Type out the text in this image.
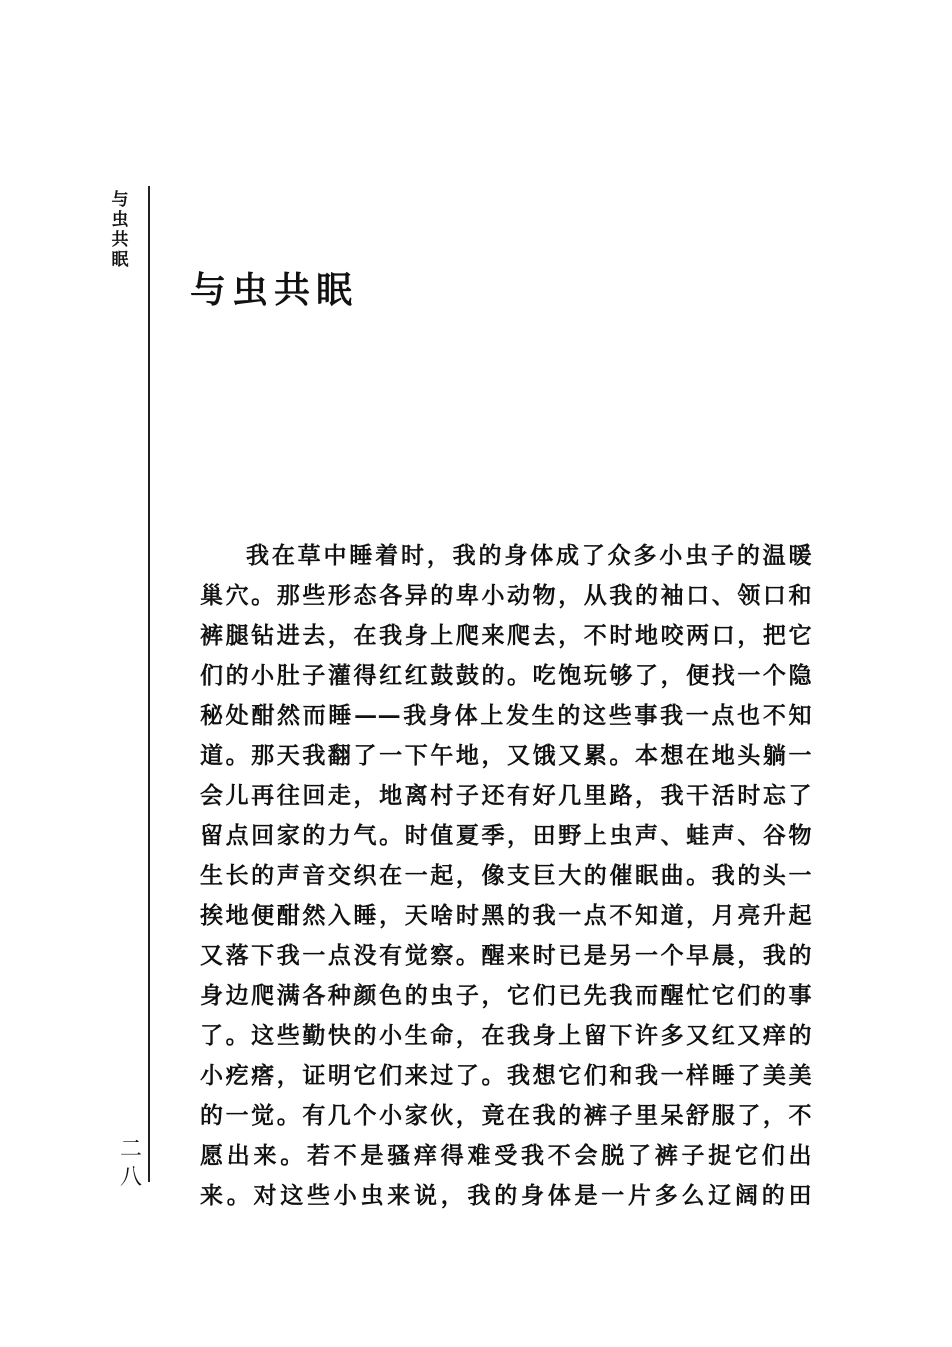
与
虫
共
眠
二
八
与虫共眠
我在草中睡着时，我的身体成了众多小虫子的温暖
巢穴。那些形态各异的卑小动物，从我的袖口、领口和
裤腿钻进去，在我身上爬来爬去，不时地咬两口，把它
们的小肚子灌得红红鼓鼓的。吃饱玩够了，便找一个隐
秘处酣然而睡——我身体上发生的这些事我一点也不知
道。那天我翻了一下午地，又饿又累。本想在地头躺一
会儿再往回走，地离村子还有好几里路，我干活时忘了
留点回家的力气。时值夏季，田野上虫声、蛙声、谷物
生长的声音交织在一起，像支巨大的催眠曲。我的头一
挨地便酣然入睡，天啥时黑的我一点不知道，月亮升起
又落下我一点没有觉察。醒来时已是另一个早晨，我的
身边爬满各种颜色的虫子，它们已先我而醒忙它们的事
了。这些勤快的小生命，在我身上留下许多又红又痒的
小疙瘩，证明它们来过了。我想它们和我一样睡了美美
的一觉。有几个小家伙，竟在我的裤子里呆舒服了，不
愿出来。若不是骚痒得难受我不会脱了裤子捉它们出
来。对这些小虫来说，我的身体是一片多么辽阔的田
